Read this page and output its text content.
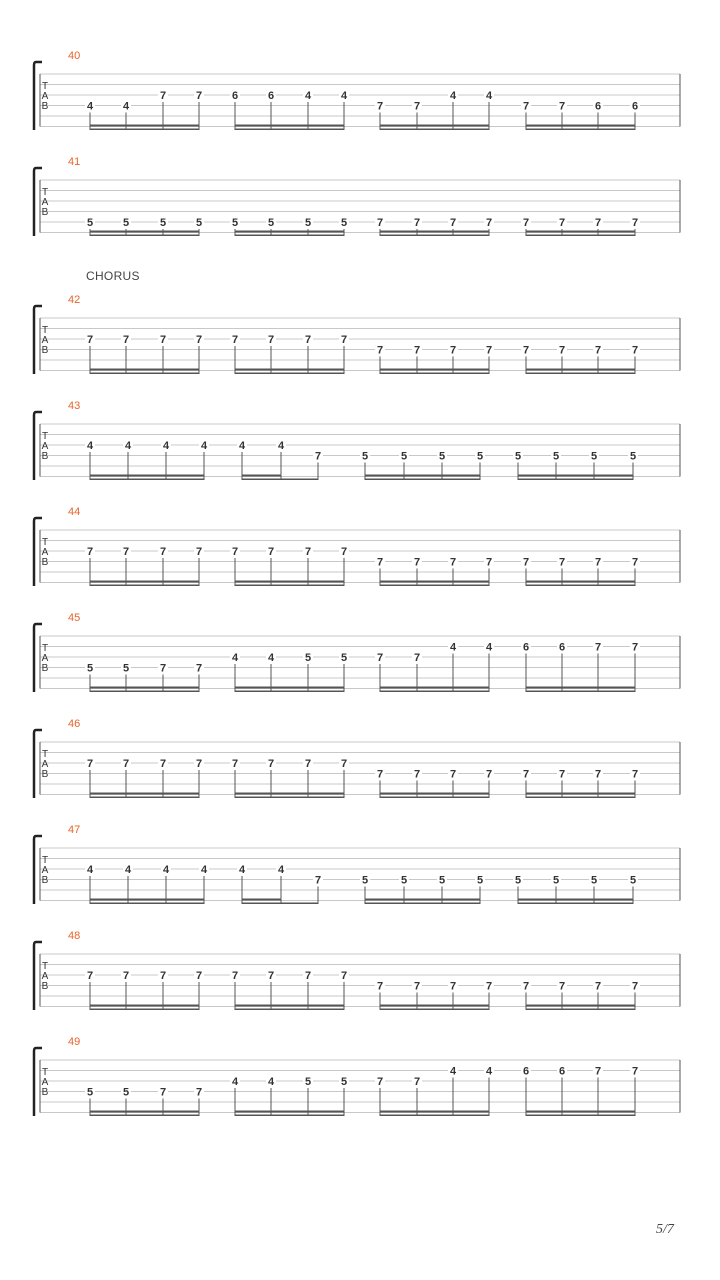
CHORUS
40
T
A
B	4	4
7	7	6	6	4	4
7	7
4	4
7	7	6	6
41
T
A
B
5	5	5	5	5	5	5	5	7	7	7	7	7	7	7	7
42
T
A
B
7	7	7	7	7	7	7	7
7	7	7	7	7	7	7	7
43
T
A
B
4	4	4	4	4	4
7	5	5	5	5	5	5	5	5
44
T
A
B
7	7	7	7	7	7	7	7
7	7	7	7	7	7	7	7
45
T
A
B	5	5	7	7
4	4	5	5	7	7
4	4	6	6	7	7
46
T
A
B
7	7	7	7	7	7	7	7
7	7	7	7	7	7	7	7
47
T
A
B
4	4	4	4	4	4
7	5	5	5	5	5	5	5	5
48
T
A
B
7	7	7	7	7	7	7	7
7	7	7	7	7	7	7	7
49
T
A
B	5	5	7	7
4	4	5	5	7	7
4	4	6	6	7	7
5/7
